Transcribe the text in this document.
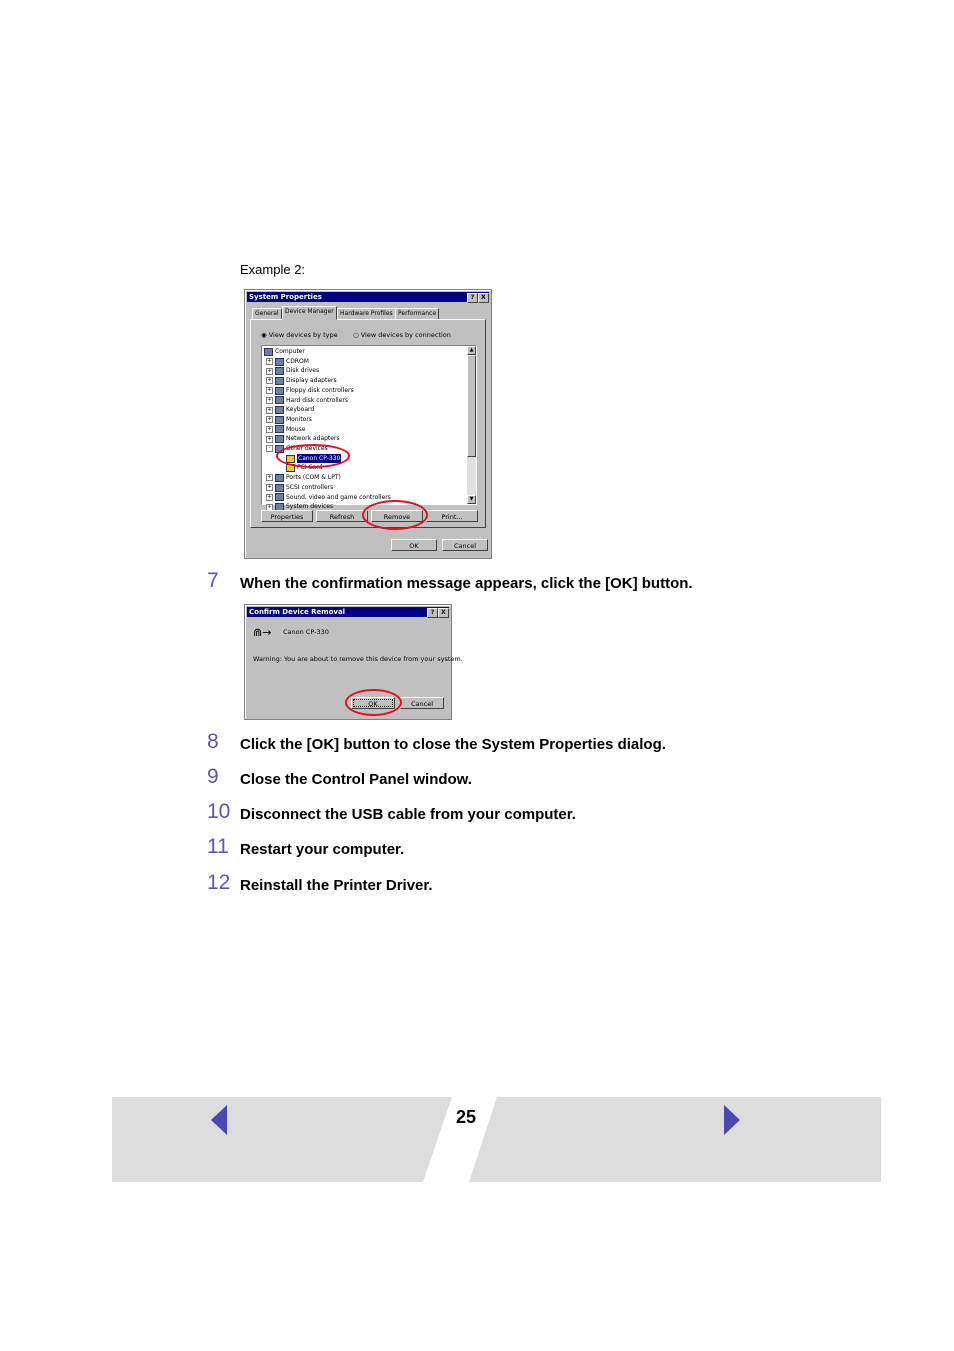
Example 2:
System Properties	?	X
General	Device Manager	Hardware Profiles Performance
◉ View devices by type ○ View devices by connection
Computer
+ CDROM
+ Disk drives
+ Display adapters
+ Floppy disk controllers
+ Hard disk controllers
+ Keyboard
+ Monitors
+ Mouse
+ Network adapters
-	Other devices
Canon CP-330
PCI Card
+ Ports (COM & LPT)
+ SCSI controllers
+ Sound, video and game controllers
+ System devices
▲
▼
Properties	Refresh	Remove	Print...
OK	Cancel
7 When the confirmation message appears, click the [OK] button.
Confirm Device Removal	?	X
⋒→ Canon CP-330
Warning: You are about to remove this device from your system.
OK	Cancel
8 Click the [OK] button to close the System Properties dialog.
9 Close the Control Panel window.
10 Disconnect the USB cable from your computer.
11 Restart your computer.
12 Reinstall the Printer Driver.
25
